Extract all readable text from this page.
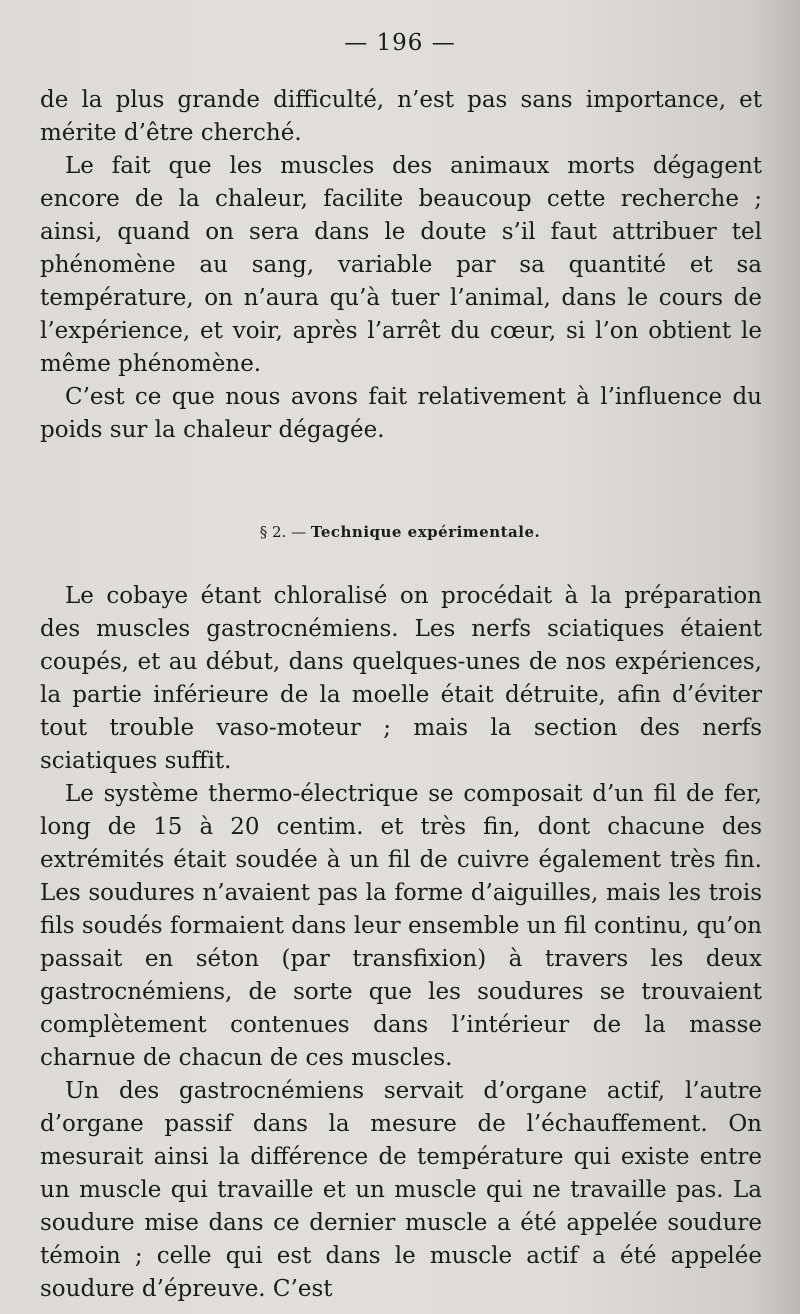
— 196 —

de la plus grande difficulté, n’est pas sans importance, et mérite d’être cherché.

Le fait que les muscles des animaux morts dégagent encore de la chaleur, facilite beaucoup cette recherche ; ainsi, quand on sera dans le doute s’il faut attribuer tel phénomène au sang, variable par sa quantité et sa température, on n’aura qu’à tuer l’animal, dans le cours de l’expérience, et voir, après l’arrêt du cœur, si l’on obtient le même phénomène.

C’est ce que nous avons fait relativement à l’influence du poids sur la chaleur dégagée.

§ 2. — Technique expérimentale.

Le cobaye étant chloralisé on procédait à la préparation des muscles gastrocnémiens. Les nerfs sciatiques étaient coupés, et au début, dans quelques-unes de nos expériences, la partie inférieure de la moelle était détruite, afin d’éviter tout trouble vaso-moteur ; mais la section des nerfs sciatiques suffit.

Le système thermo-électrique se composait d’un fil de fer, long de 15 à 20 centim. et très fin, dont chacune des extrémités était soudée à un fil de cuivre également très fin. Les soudures n’avaient pas la forme d’aiguilles, mais les trois fils soudés formaient dans leur ensemble un fil continu, qu’on passait en séton (par transfixion) à travers les deux gastrocnémiens, de sorte que les soudures se trouvaient complètement contenues dans l’intérieur de la masse charnue de chacun de ces muscles.

Un des gastrocnémiens servait d’organe actif, l’autre d’organe passif dans la mesure de l’échauffement. On mesurait ainsi la différence de température qui existe entre un muscle qui travaille et un muscle qui ne travaille pas. La soudure mise dans ce dernier muscle a été appelée soudure témoin ; celle qui est dans le muscle actif a été appelée soudure d’épreuve. C’est
